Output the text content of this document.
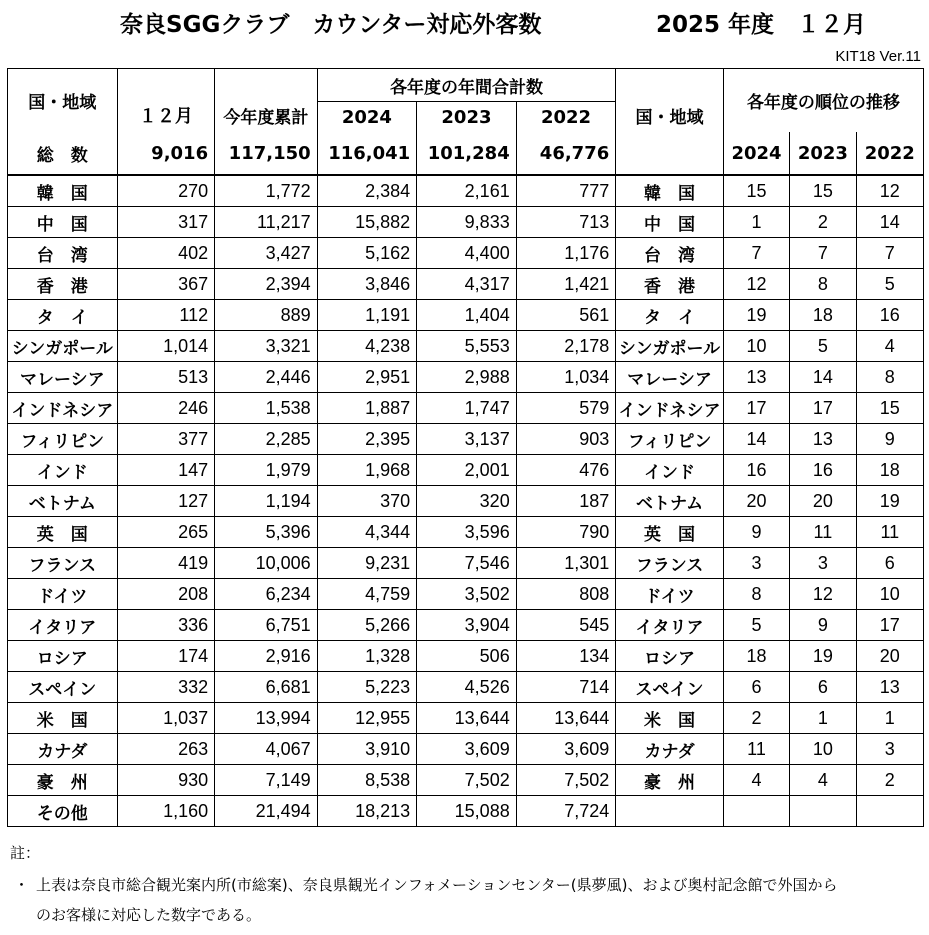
奈良SGGクラブ　カウンター対応外客数	2025 年度　１２月
KIT18 Ver.11
国・地域	１２月	今年度累計	各年度の年間合計数			国・地域	各年度の順位の推移		
			2024	2023	2022				
総　数	9,016	117,150	116,041	101,284	46,776		2024	2023	2022
韓　国	270	1,772	2,384	2,161	777	韓　国	15	15	12
中　国	317	11,217	15,882	9,833	713	中　国	1	2	14
台　湾	402	3,427	5,162	4,400	1,176	台　湾	7	7	7
香　港	367	2,394	3,846	4,317	1,421	香　港	12	8	5
タ　イ	112	889	1,191	1,404	561	タ　イ	19	18	16
シンガポール	1,014	3,321	4,238	5,553	2,178	シンガポール	10	5	4
マレーシア	513	2,446	2,951	2,988	1,034	マレーシア	13	14	8
インドネシア	246	1,538	1,887	1,747	579	インドネシア	17	17	15
フィリピン	377	2,285	2,395	3,137	903	フィリピン	14	13	9
インド	147	1,979	1,968	2,001	476	インド	16	16	18
ベトナム	127	1,194	370	320	187	ベトナム	20	20	19
英　国	265	5,396	4,344	3,596	790	英　国	9	11	11
フランス	419	10,006	9,231	7,546	1,301	フランス	3	3	6
ドイツ	208	6,234	4,759	3,502	808	ドイツ	8	12	10
イタリア	336	6,751	5,266	3,904	545	イタリア	5	9	17
ロシア	174	2,916	1,328	506	134	ロシア	18	19	20
スペイン	332	6,681	5,223	4,526	714	スペイン	6	6	13
米　国	1,037	13,994	12,955	13,644	13,644	米　国	2	1	1
カナダ	263	4,067	3,910	3,609	3,609	カナダ	11	10	3
豪　州	930	7,149	8,538	7,502	7,502	豪　州	4	4	2
その他	1,160	21,494	18,213	15,088	7,724				
註：
・ 上表は奈良市総合観光案内所(市総案)、奈良県観光インフォメーションセンター(県夢風)、および奥村記念館で外国から
のお客様に対応した数字である。
